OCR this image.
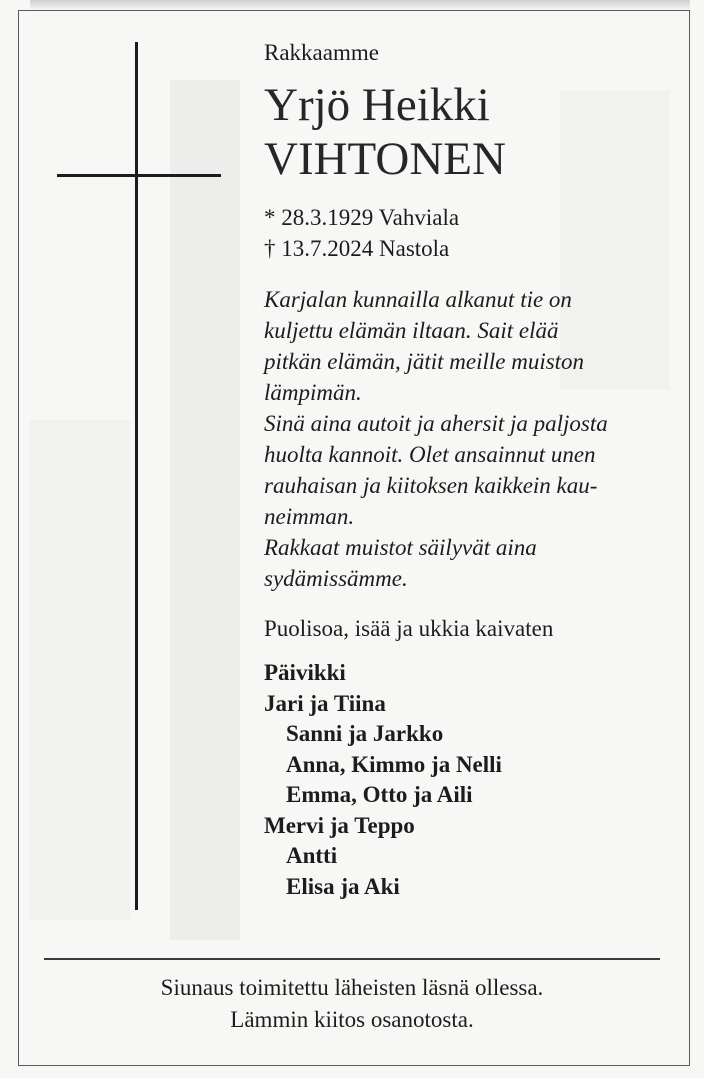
Rakkaamme

Yrjö Heikki
VIHTONEN
* 28.3.1929 Vahviala
† 13.7.2024 Nastola
Karjalan kunnailla alkanut tie on
kuljettu elämän iltaan. Sait elää
pitkän elämän, jätit meille muiston
lämpimän.
Sinä aina autoit ja ahersit ja paljosta
huolta kannoit. Olet ansainnut unen
rauhaisan ja kiitoksen kaikkein kau-
neimman.
Rakkaat muistot säilyvät aina
sydämissämme.
Puolisoa, isää ja ukkia kaivaten
Päivikki
Jari ja Tiina
Sanni ja Jarkko
Anna, Kimmo ja Nelli
Emma, Otto ja Aili
Mervi ja Teppo
Antti
Elisa ja Aki
Siunaus toimitettu läheisten läsnä ollessa.
Lämmin kiitos osanotosta.
